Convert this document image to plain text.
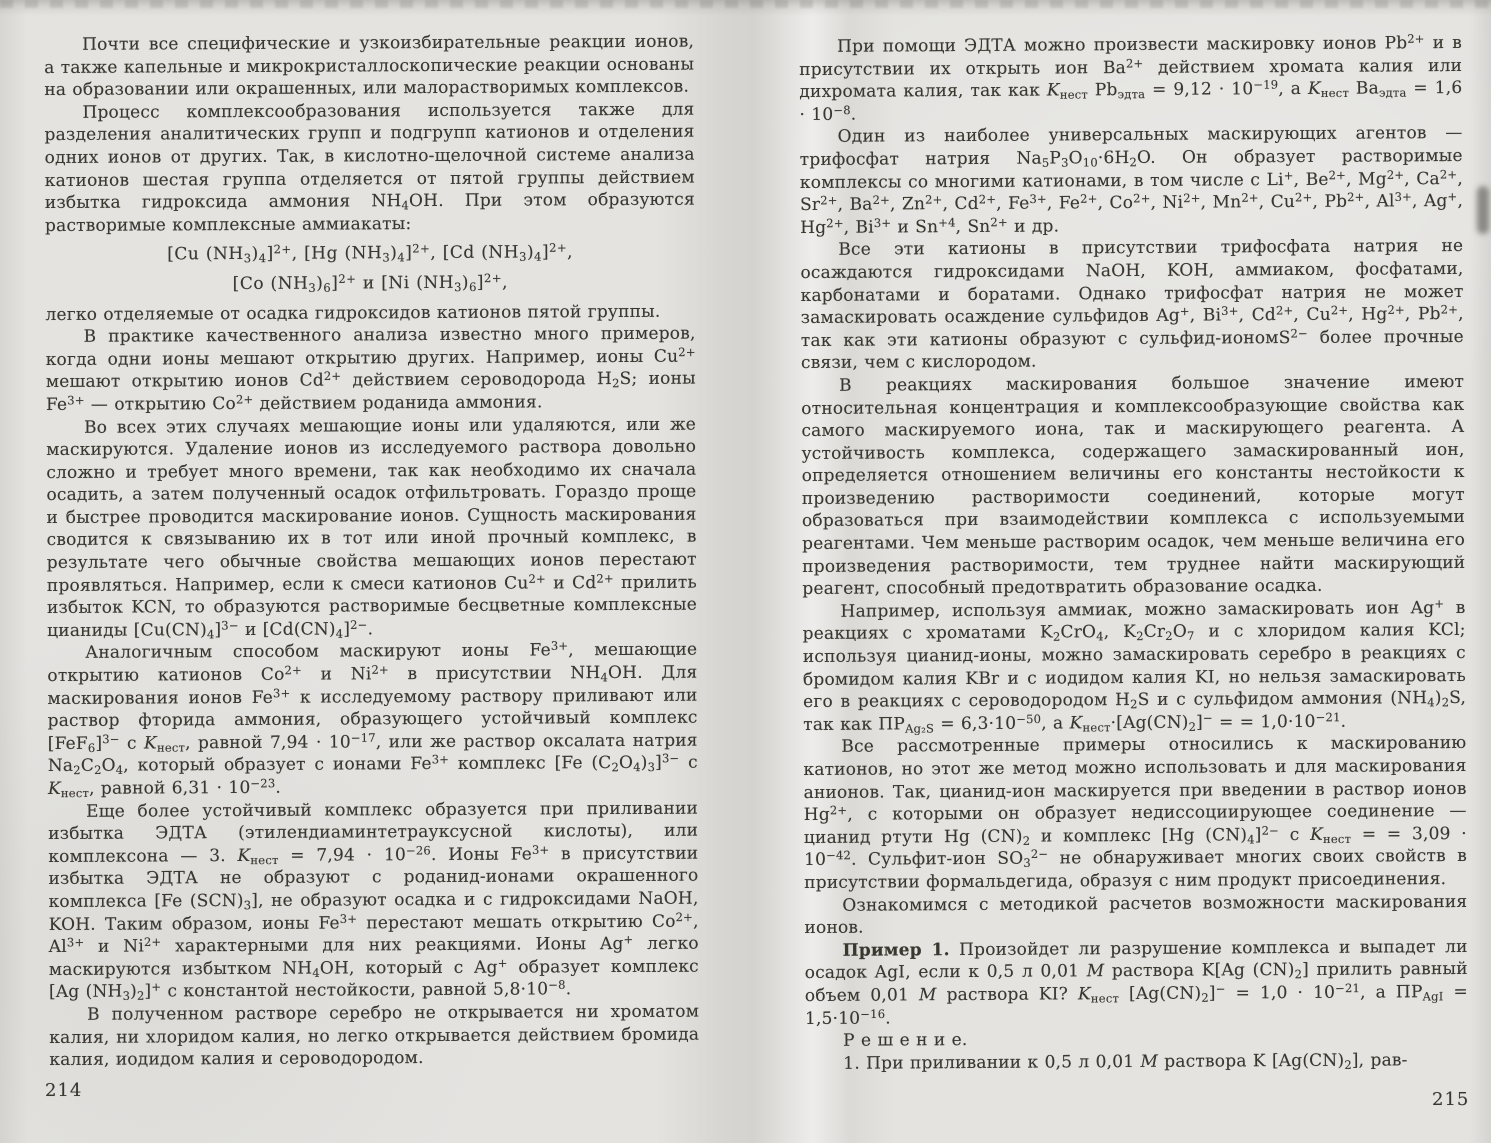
Почти все специфические и узкоизбирательные реакции ионов, а также капельные и микрокристаллоскопические реакции основаны на образовании или окрашенных, или малорастворимых комплексов.

Процесс комплексообразования используется также для разделения аналитических групп и подгрупп катионов и отделения одних ионов от других. Так, в кислотно-щелочной системе анализа катионов шестая группа отделяется от пятой группы действием избытка гидроксида аммония $NH_4OH$. При этом образуются растворимые комплексные аммиакаты:

[Cu $(NH_3)_4]^{2+}$, [Hg $(NH_3)_4]^{2+}$, [Cd $(NH_3)_4]^{2+}$,

[Co $(NH_3)_6]^{2+}$ и [Ni $(NH_3)_6]^{2+}$,

легко отделяемые от осадка гидроксидов катионов пятой группы.

В практике качественного анализа известно много примеров, когда одни ионы мешают открытию других. Например, ионы $Cu^{2+}$ мешают открытию ионов $Cd^{2+}$ действием сероводорода $H_2S$; ионы $Fe^{3+}$ — открытию $Co^{2+}$ действием роданида аммония.

Во всех этих случаях мешающие ионы или удаляются, или же маскируются. Удаление ионов из исследуемого раствора довольно сложно и требует много времени, так как необходимо их сначала осадить, а затем полученный осадок отфильтровать. Гораздо проще и быстрее проводится маскирование ионов. Сущность маскирования сводится к связыванию их в тот или иной прочный комплекс, в результате чего обычные свойства мешающих ионов перестают проявляться. Например, если к смеси катионов $Cu^{2+}$ и $Cd^{2+}$ прилить избыток KCN, то образуются растворимые бесцветные комплексные цианиды $[Cu(CN)_4]^{3-}$ и $[Cd(CN)_4]^{2-}$.

Аналогичным способом маскируют ионы $Fe^{3+}$, мешающие открытию катионов $Co^{2+}$ и $Ni^{2+}$ в присутствии $NH_4OH$. Для маскирования ионов $Fe^{3+}$ к исследуемому раствору приливают или раствор фторида аммония, образующего устойчивый комплекс $[FeF_6]^{3-}$ с $K_{нест}$, равной $7,94 \cdot 10^{-17}$, или же раствор оксалата натрия $Na_2C_2O_4$, который образует с ионами $Fe^{3+}$ комплекс [Fe $(C_2O_4)_3]^{3-}$ с $K_{нест}$, равной $6,31 \cdot 10^{-23}$.

Еще более устойчивый комплекс образуется при приливании избытка ЭДТА (этилендиаминтетрауксусной кислоты), или комплексона — 3. $K_{нест} = 7,94 \cdot 10^{-26}$. Ионы $Fe^{3+}$ в присутствии избытка ЭДТА не образуют с роданид-ионами окрашенного комплекса [Fe $(SCN)_3$], не образуют осадка и с гидроксидами NaOH, KOH. Таким образом, ионы $Fe^{3+}$ перестают мешать открытию $Co^{2+}$, $Al^{3+}$ и $Ni^{2+}$ характерными для них реакциями. Ионы Ag+ легко маскируются избытком $NH_4OH$, который с Ag+ образует комплекс [Ag $(NH_3)_2]^+$ с константой нестойкости, равной $5,8\cdot 10^{-8}$.

В полученном растворе серебро не открывается ни хроматом калия, ни хлоридом калия, но легко открывается действием бромида калия, иодидом калия и сероводородом.

При помощи ЭДТА можно произвести маскировку ионов $Pb^{2+}$ и в присутствии их открыть ион $Ba^{2+}$ действием хромата калия или дихромата калия, так как $K_{нест}$ $Pb_{эдта} = 9,12 \cdot 10^{-19}$, а $K_{нест}$ $Ba_{эдта} = 1,6 \cdot 10^{-8}$.

Один из наиболее универсальных маскирующих агентов — трифосфат натрия $Na_5P_3O_{10}\cdot 6H_2O$. Он образует растворимые комплексы со многими катионами, в том числе с Li+, $Be^{2+}$, $Mg^{2+}$, $Ca^{2+}$, $Sr^{2+}$, $Ba^{2+}$, $Zn^{2+}$, $Cd^{2+}$, $Fe^{3+}$, $Fe^{2+}$, $Co^{2+}$, $Ni^{2+}$, $Mn^{2+}$, $Cu^{2+}$, $Pb^{2+}$, $Al^{3+}$, Ag+, $Hg^{2+}$, $Bi^{3+}$ и $Sn^{+4}$, $Sn^{2+}$ и др.

Все эти катионы в присутствии трифосфата натрия не осаждаются гидроксидами NaOH, KOH, аммиаком, фосфатами, карбонатами и боратами. Однако трифосфат натрия не может замаскировать осаждение сульфидов Ag+, $Bi^{3+}$, $Cd^{2+}$, $Cu^{2+}$, $Hg^{2+}$, $Pb^{2+}$, так как эти катионы образуют с сульфид-иономS$^{2-}$ более прочные связи, чем с кислородом.

В реакциях маскирования большое значение имеют относительная концентрация и комплексообразующие свойства как самого маскируемого иона, так и маскирующего реагента. А устойчивость комплекса, содержащего замаскированный ион, определяется отношением величины его константы нестойкости к произведению растворимости соединений, которые могут образоваться при взаимодействии комплекса с используемыми реагентами. Чем меньше растворим осадок, чем меньше величина его произведения растворимости, тем труднее найти маскирующий реагент, способный предотвратить образование осадка.

Например, используя аммиак, можно замаскировать ион Ag+ в реакциях с хроматами $K_2CrO_4$, $K_2Cr_2O_7$ и с хлоридом калия KCl; используя цианид-ионы, можно замаскировать серебро в реакциях с бромидом калия KBr и с иодидом калия KI, но нельзя замаскировать его в реакциях с сероводородом $H_2S$ и с сульфидом аммония $(NH_4)_2S$, так как $ПР_{Ag_2S} = 6,3\cdot 10^{-50}$, а $K_{нест}\cdot[Ag(CN)_2]^-$ = = $1,0\cdot 10^{-21}$.

Все рассмотренные примеры относились к маскированию катионов, но этот же метод можно использовать и для маскирования анионов. Так, цианид-ион маскируется при введении в раствор ионов $Hg^{2+}$, с которыми он образует недиссоциирующее соединение — цианид ртути Hg $(CN)_2$ и комплекс [Hg $(CN)_4]^{2-}$ с $K_{нест}$ = = $3,09 \cdot 10^{-42}$. Сульфит-ион $SO_3^{2-}$ не обнаруживает многих своих свойств в присутствии формальдегида, образуя с ним продукт присоединения.

Ознакомимся с методикой расчетов возможности маскирования ионов.

Пример 1. Произойдет ли разрушение комплекса и выпадет ли осадок AgI, если к 0,5 л 0,01 М раствора K[Ag $(CN)_2$] прилить равный объем 0,01 М раствора KI? $K_{нест}$ $[Ag(CN)_2]^- = 1,0 \cdot 10^{-21}$, а $ПР_{AgI} = 1,5\cdot 10^{-16}$.

Р е ш е н и е.

1. При приливании к 0,5 л 0,01 М раствора K $[Ag(CN)_2]$, рав-

214	215
